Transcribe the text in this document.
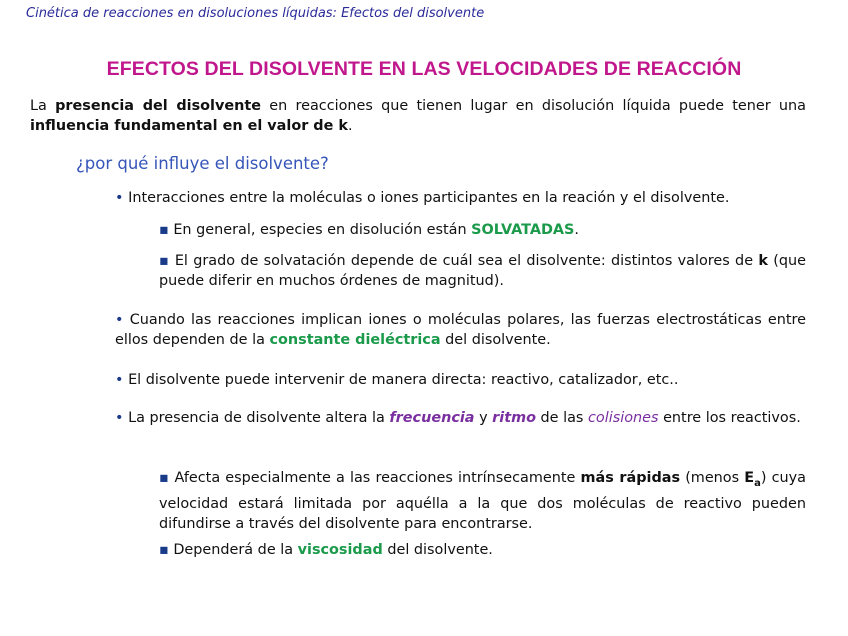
Cinética de reacciones en disoluciones líquidas: Efectos del disolvente
EFECTOS DEL DISOLVENTE EN LAS VELOCIDADES DE REACCIÓN
La presencia del disolvente en reacciones que tienen lugar en disolución líquida puede tener una influencia fundamental en el valor de k.
¿por qué influye el disolvente?
• Interacciones entre la moléculas o iones participantes en la reación y el disolvente.
▪ En general, especies en disolución están SOLVATADAS.
▪ El grado de solvatación depende de cuál sea el disolvente: distintos valores de k (que puede diferir en muchos órdenes de magnitud).
• Cuando las reacciones implican iones o moléculas polares, las fuerzas electrostáticas entre ellos dependen de la constante dieléctrica del disolvente.
• El disolvente puede intervenir de manera directa: reactivo, catalizador, etc..
• La presencia de disolvente altera la frecuencia y ritmo de las colisiones entre los reactivos.
▪ Afecta especialmente a las reacciones intrínsecamente más rápidas (menos $E_a$) cuya velocidad estará limitada por aquélla a la que dos moléculas de reactivo pueden difundirse a través del disolvente para encontrarse.
▪ Dependerá de la viscosidad del disolvente.
